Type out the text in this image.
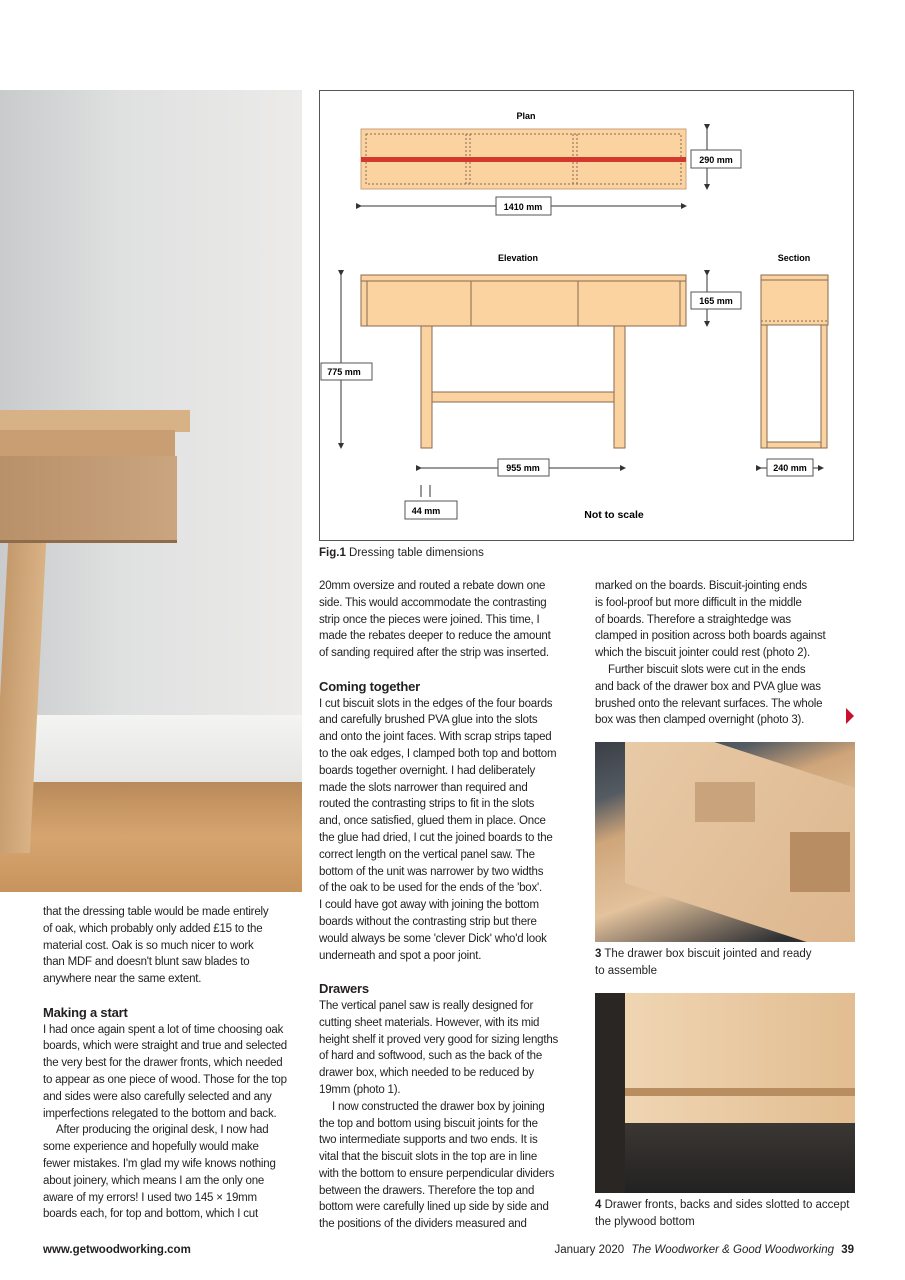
Plan
290 mm
1410 mm
Elevation	Section
775 mm
165 mm
955 mm
44 mm	Not to scale
240 mm
Fig.1 Dressing table dimensions
that the dressing table would be made entirely
of oak, which probably only added £15 to the
material cost. Oak is so much nicer to work
than MDF and doesn't blunt saw blades to
anywhere near the same extent.
Making a start
I had once again spent a lot of time choosing oak
boards, which were straight and true and selected
the very best for the drawer fronts, which needed
to appear as one piece of wood. Those for the top
and sides were also carefully selected and any
imperfections relegated to the bottom and back.
After producing the original desk, I now had
some experience and hopefully would make
fewer mistakes. I'm glad my wife knows nothing
about joinery, which means I am the only one
aware of my errors! I used two 145 × 19mm
boards each, for top and bottom, which I cut
20mm oversize and routed a rebate down one
side. This would accommodate the contrasting
strip once the pieces were joined. This time, I
made the rebates deeper to reduce the amount
of sanding required after the strip was inserted.
Coming together
I cut biscuit slots in the edges of the four boards
and carefully brushed PVA glue into the slots
and onto the joint faces. With scrap strips taped
to the oak edges, I clamped both top and bottom
boards together overnight. I had deliberately
made the slots narrower than required and
routed the contrasting strips to fit in the slots
and, once satisfied, glued them in place. Once
the glue had dried, I cut the joined boards to the
correct length on the vertical panel saw. The
bottom of the unit was narrower by two widths
of the oak to be used for the ends of the 'box'.
I could have got away with joining the bottom
boards without the contrasting strip but there
would always be some 'clever Dick' who'd look
underneath and spot a poor joint.
Drawers
The vertical panel saw is really designed for
cutting sheet materials. However, with its mid
height shelf it proved very good for sizing lengths
of hard and softwood, such as the back of the
drawer box, which needed to be reduced by
19mm (photo 1).
I now constructed the drawer box by joining
the top and bottom using biscuit joints for the
two intermediate supports and two ends. It is
vital that the biscuit slots in the top are in line
with the bottom to ensure perpendicular dividers
between the drawers. Therefore the top and
bottom were carefully lined up side by side and
the positions of the dividers measured and
marked on the boards. Biscuit-jointing ends
is fool-proof but more difficult in the middle
of boards. Therefore a straightedge was
clamped in position across both boards against
which the biscuit jointer could rest (photo 2).
Further biscuit slots were cut in the ends
and back of the drawer box and PVA glue was
brushed onto the relevant surfaces. The whole
box was then clamped overnight (photo 3).
3 The drawer box biscuit jointed and ready
to assemble
4 Drawer fronts, backs and sides slotted to accept
the plywood bottom
www.getwoodworking.com	January 2020 The Woodworker & Good Woodworking 39
